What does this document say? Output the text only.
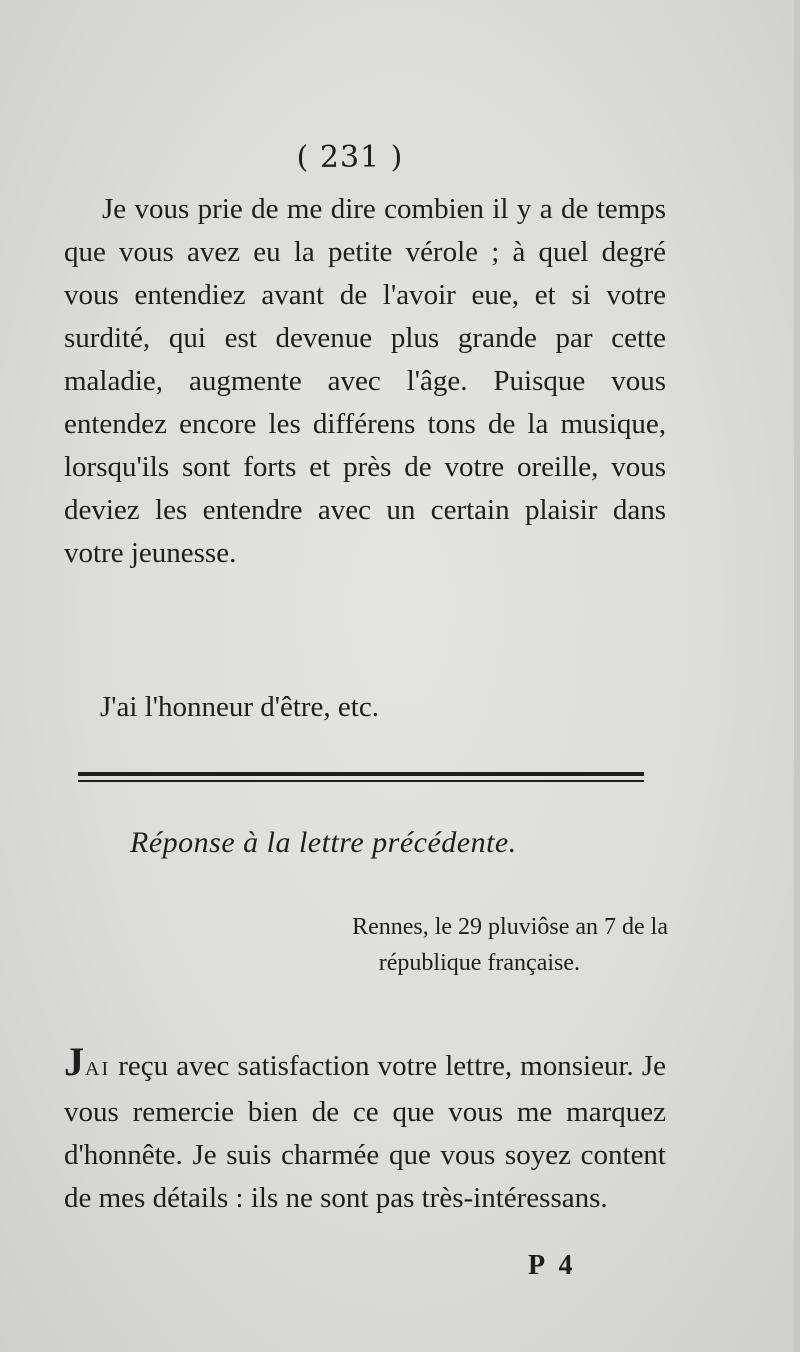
( 231 )

Je vous prie de me dire combien il y a de temps que vous avez eu la petite vérole ; à quel degré vous entendiez avant de l'avoir eue, et si votre surdité, qui est devenue plus grande par cette maladie, augmente avec l'âge. Puisque vous entendez encore les différens tons de la musique, lorsqu'ils sont forts et près de votre oreille, vous deviez les entendre avec un certain plaisir dans votre jeunesse.

J'ai l'honneur d'être, etc.
Réponse à la lettre précédente.
Rennes, le 29 pluviôse an 7 de la
république française.

JAI reçu avec satisfaction votre lettre, monsieur. Je vous remercie bien de ce que vous me marquez d'honnête. Je suis charmée que vous soyez content de mes détails : ils ne sont pas très-intéressans.

P 4
